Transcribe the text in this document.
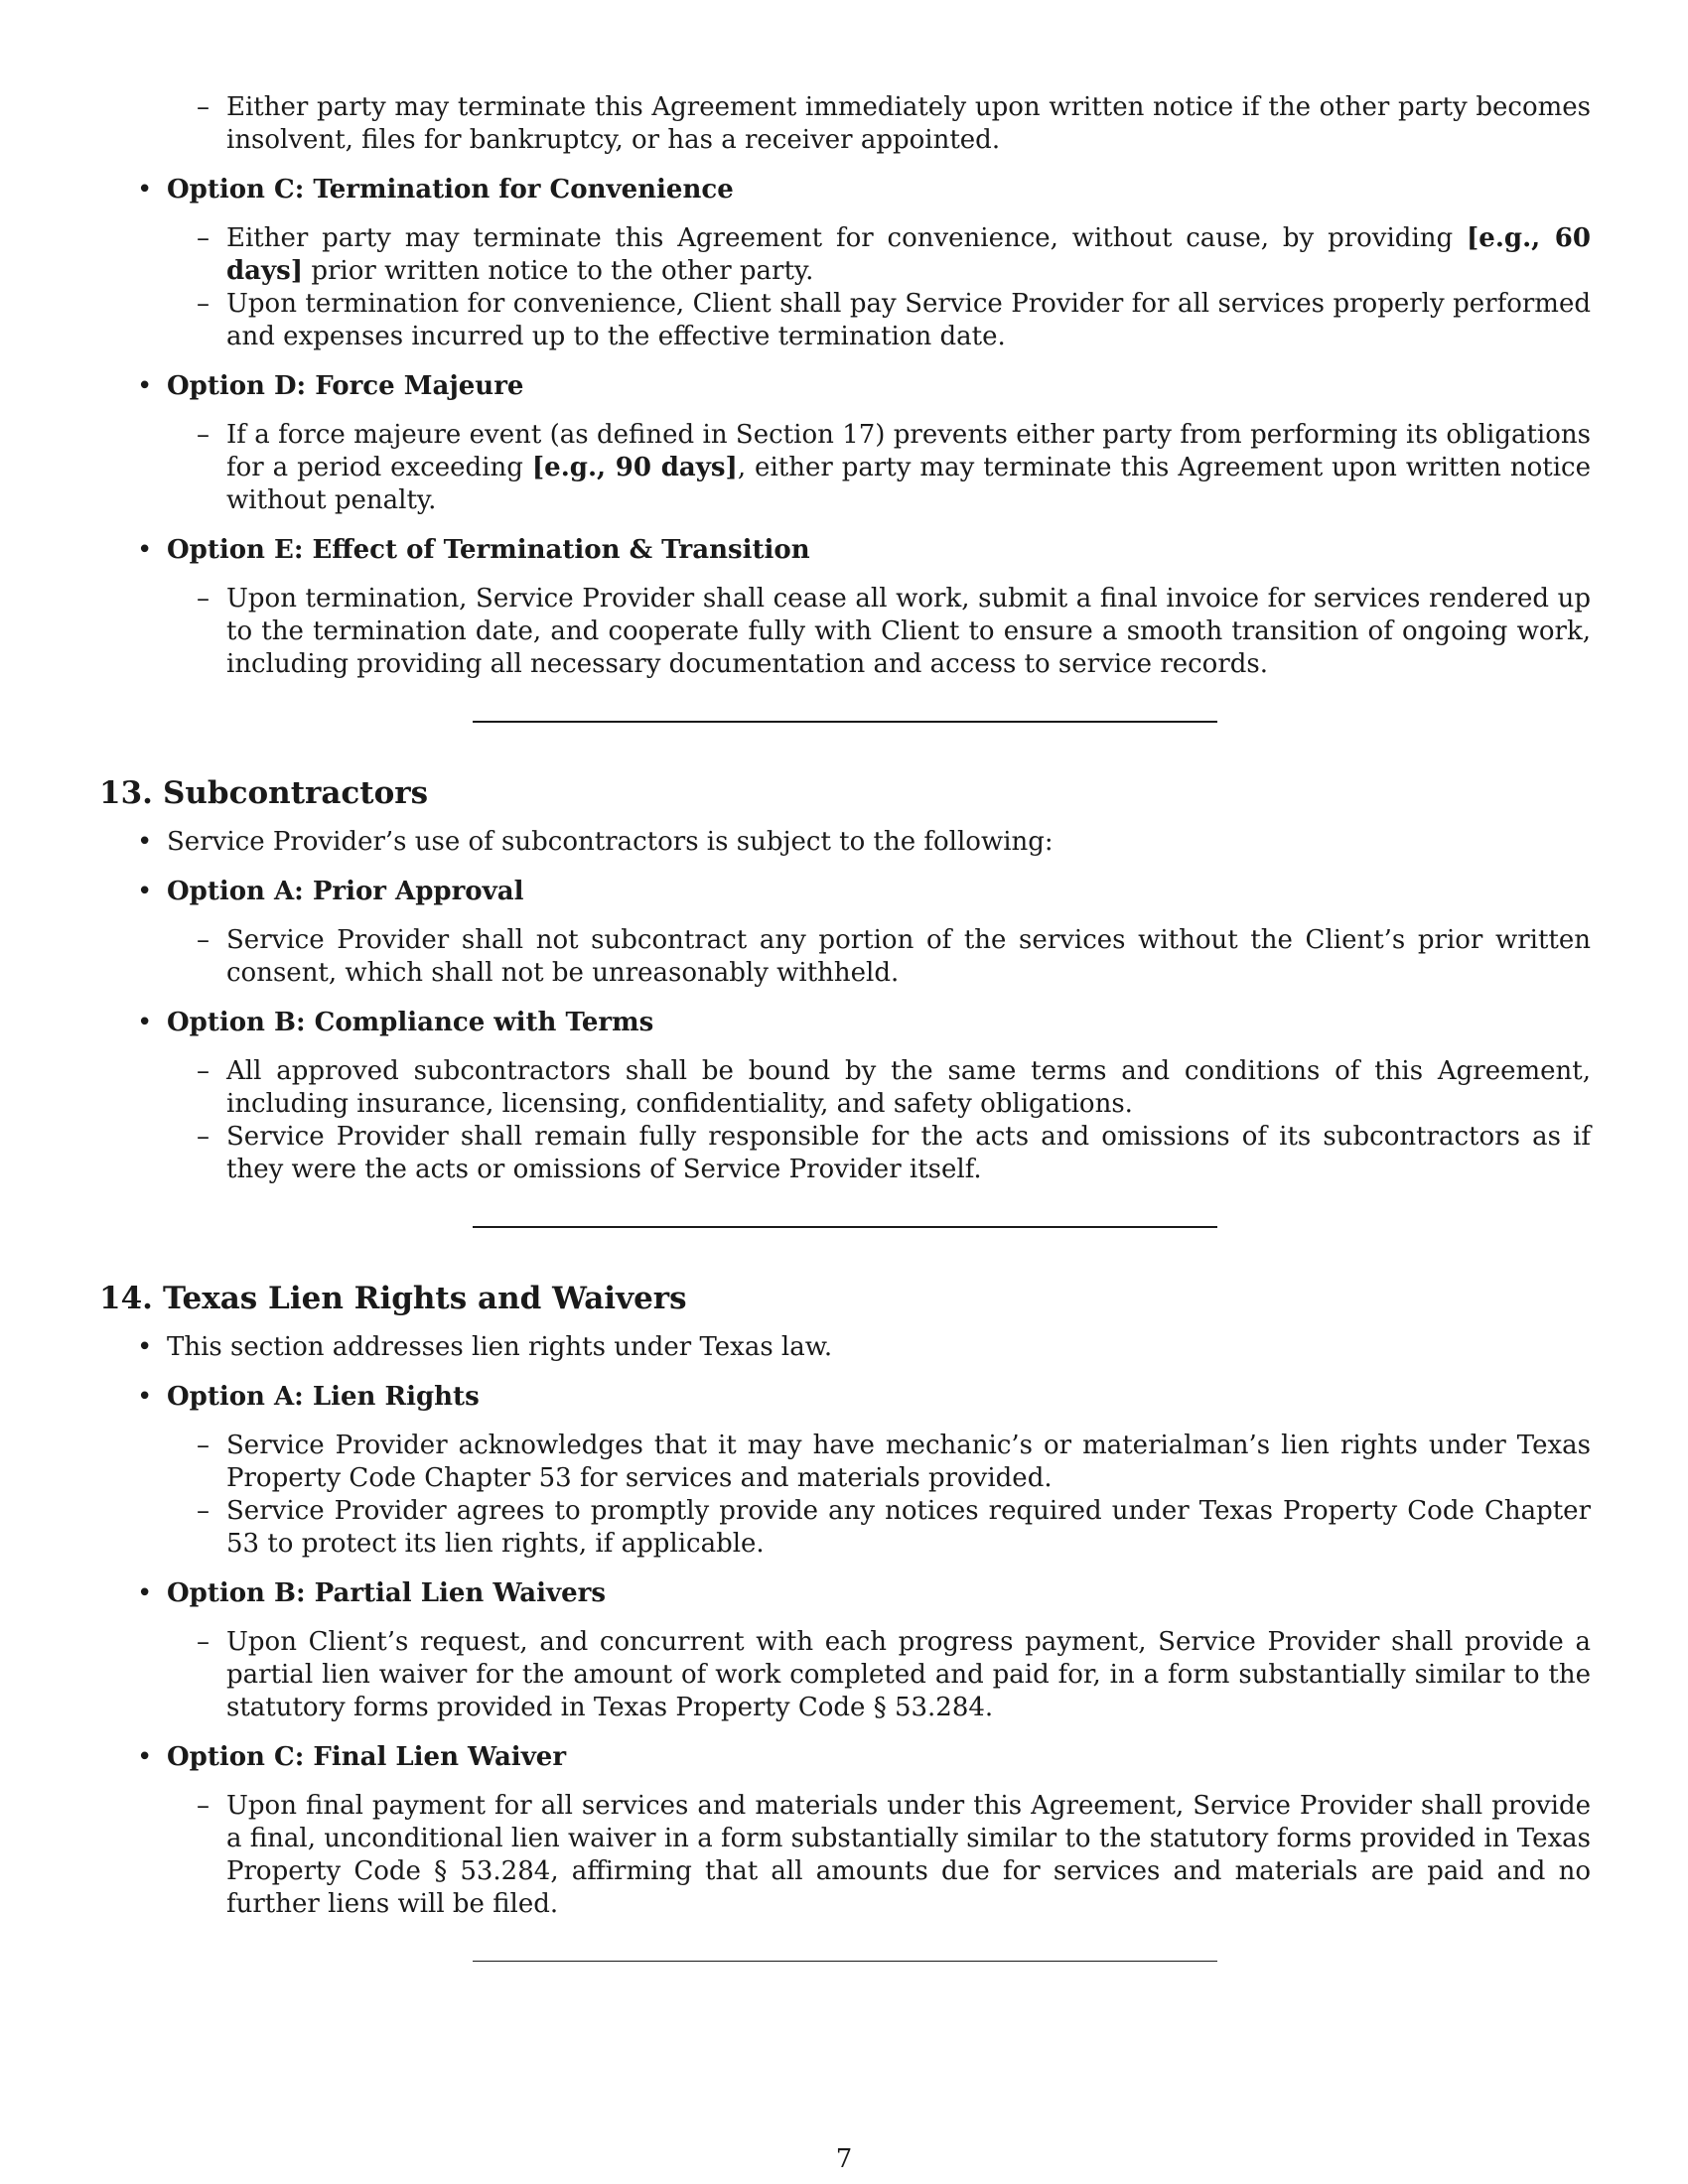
– Either party may terminate this Agreement immediately upon written notice if the other party becomes insolvent, files for bankruptcy, or has a receiver appointed.

• Option C: Termination for Convenience

– Either party may terminate this Agreement for convenience, without cause, by providing [e.g., 60 days] prior written notice to the other party.

– Upon termination for convenience, Client shall pay Service Provider for all services properly performed and expenses incurred up to the effective termination date.

• Option D: Force Majeure

– If a force majeure event (as defined in Section 17) prevents either party from performing its obligations for a period exceeding [e.g., 90 days], either party may terminate this Agreement upon written notice without penalty.

• Option E: Effect of Termination & Transition

– Upon termination, Service Provider shall cease all work, submit a final invoice for services rendered up to the termination date, and cooperate fully with Client to ensure a smooth transition of ongoing work, including providing all necessary documentation and access to service records.

13. Subcontractors
• Service Provider’s use of subcontractors is subject to the following:

• Option A: Prior Approval

– Service Provider shall not subcontract any portion of the services without the Client’s prior written consent, which shall not be unreasonably withheld.

• Option B: Compliance with Terms

– All approved subcontractors shall be bound by the same terms and conditions of this Agreement, including insurance, licensing, confidentiality, and safety obligations.

– Service Provider shall remain fully responsible for the acts and omissions of its subcontractors as if they were the acts or omissions of Service Provider itself.

14. Texas Lien Rights and Waivers
• This section addresses lien rights under Texas law.

• Option A: Lien Rights

– Service Provider acknowledges that it may have mechanic’s or materialman’s lien rights under Texas Property Code Chapter 53 for services and materials provided.

– Service Provider agrees to promptly provide any notices required under Texas Property Code Chapter 53 to protect its lien rights, if applicable.

• Option B: Partial Lien Waivers

– Upon Client’s request, and concurrent with each progress payment, Service Provider shall provide a partial lien waiver for the amount of work completed and paid for, in a form substantially similar to the statutory forms provided in Texas Property Code § 53.284.

• Option C: Final Lien Waiver

– Upon final payment for all services and materials under this Agreement, Service Provider shall provide a final, unconditional lien waiver in a form substantially similar to the statutory forms provided in Texas Property Code § 53.284, affirming that all amounts due for services and materials are paid and no further liens will be filed.

7
